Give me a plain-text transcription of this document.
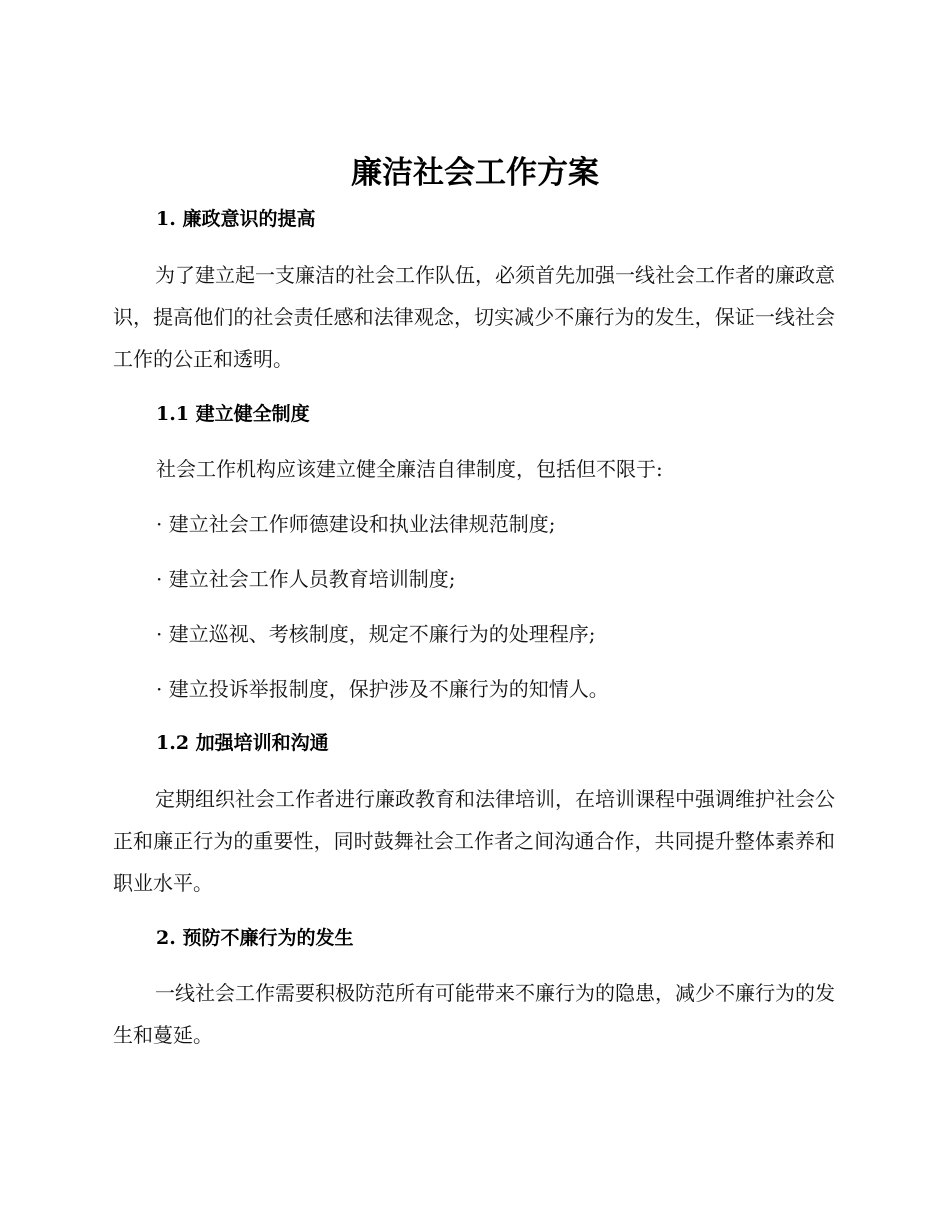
廉洁社会工作方案
1. 廉政意识的提高

为了建立起一支廉洁的社会工作队伍，必须首先加强一线社会工作者的廉政意识，提高他们的社会责任感和法律观念，切实减少不廉行为的发生，保证一线社会工作的公正和透明。

1.1 建立健全制度

社会工作机构应该建立健全廉洁自律制度，包括但不限于:

· 建立社会工作师德建设和执业法律规范制度;

· 建立社会工作人员教育培训制度;

· 建立巡视、考核制度，规定不廉行为的处理程序;

· 建立投诉举报制度，保护涉及不廉行为的知情人。

1.2 加强培训和沟通

定期组织社会工作者进行廉政教育和法律培训，在培训课程中强调维护社会公正和廉正行为的重要性，同时鼓舞社会工作者之间沟通合作，共同提升整体素养和职业水平。

2. 预防不廉行为的发生

一线社会工作需要积极防范所有可能带来不廉行为的隐患，减少不廉行为的发生和蔓延。
